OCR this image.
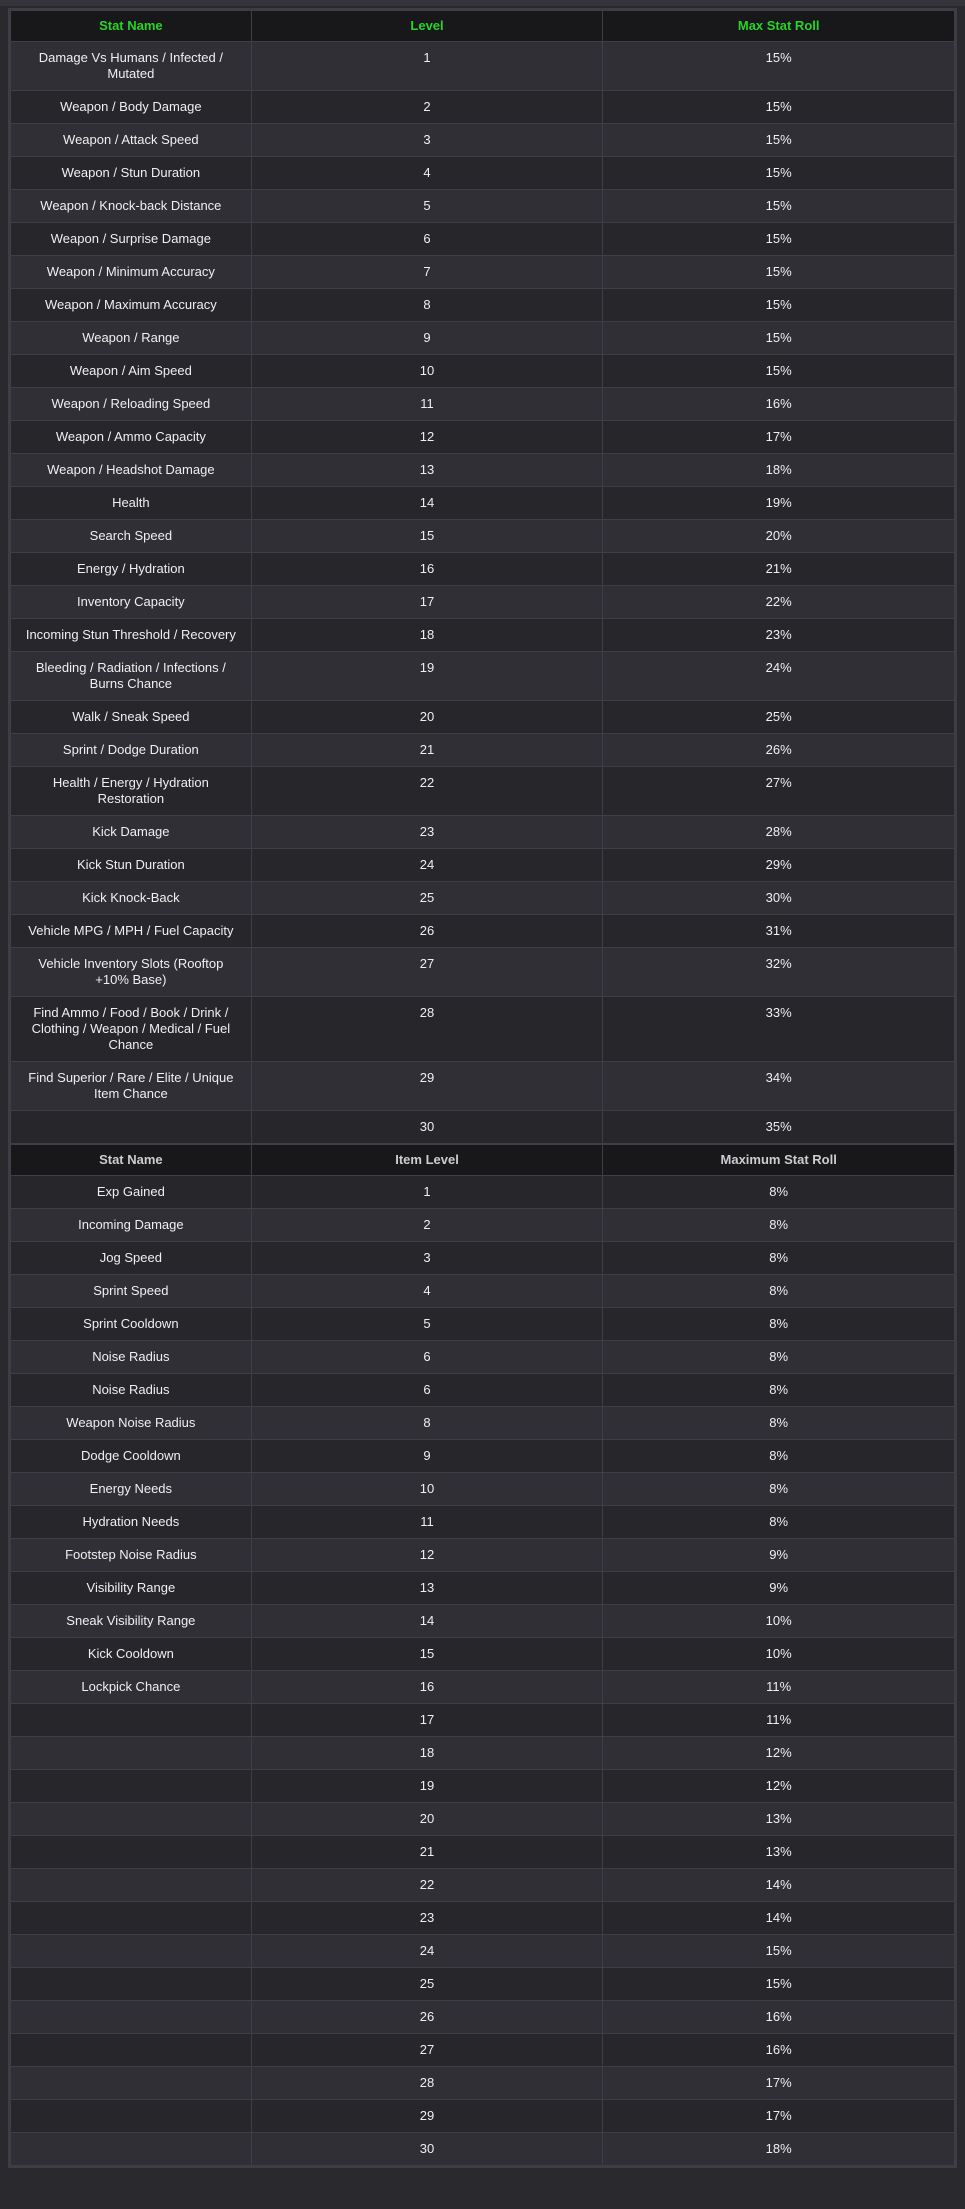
Stat Name	Level	Max Stat Roll
Damage Vs Humans / Infected / Mutated	1	15%
Weapon / Body Damage	2	15%
Weapon / Attack Speed	3	15%
Weapon / Stun Duration	4	15%
Weapon / Knock-back Distance	5	15%
Weapon / Surprise Damage	6	15%
Weapon / Minimum Accuracy	7	15%
Weapon / Maximum Accuracy	8	15%
Weapon / Range	9	15%
Weapon / Aim Speed	10	15%
Weapon / Reloading Speed	11	16%
Weapon / Ammo Capacity	12	17%
Weapon / Headshot Damage	13	18%
Health	14	19%
Search Speed	15	20%
Energy / Hydration	16	21%
Inventory Capacity	17	22%
Incoming Stun Threshold / Recovery	18	23%
Bleeding / Radiation / Infections / Burns Chance	19	24%
Walk / Sneak Speed	20	25%
Sprint / Dodge Duration	21	26%
Health / Energy / Hydration Restoration	22	27%
Kick Damage	23	28%
Kick Stun Duration	24	29%
Kick Knock-Back	25	30%
Vehicle MPG / MPH / Fuel Capacity	26	31%
Vehicle Inventory Slots (Rooftop +10% Base)	27	32%
Find Ammo / Food / Book / Drink / Clothing / Weapon / Medical / Fuel Chance	28	33%
Find Superior / Rare / Elite / Unique Item Chance	29	34%
	30	35%
Stat Name	Item Level	Maximum Stat Roll
Exp Gained	1	8%
Incoming Damage	2	8%
Jog Speed	3	8%
Sprint Speed	4	8%
Sprint Cooldown	5	8%
Noise Radius	6	8%
Noise Radius	6	8%
Weapon Noise Radius	8	8%
Dodge Cooldown	9	8%
Energy Needs	10	8%
Hydration Needs	11	8%
Footstep Noise Radius	12	9%
Visibility Range	13	9%
Sneak Visibility Range	14	10%
Kick Cooldown	15	10%
Lockpick Chance	16	11%
	17	11%
	18	12%
	19	12%
	20	13%
	21	13%
	22	14%
	23	14%
	24	15%
	25	15%
	26	16%
	27	16%
	28	17%
	29	17%
	30	18%
